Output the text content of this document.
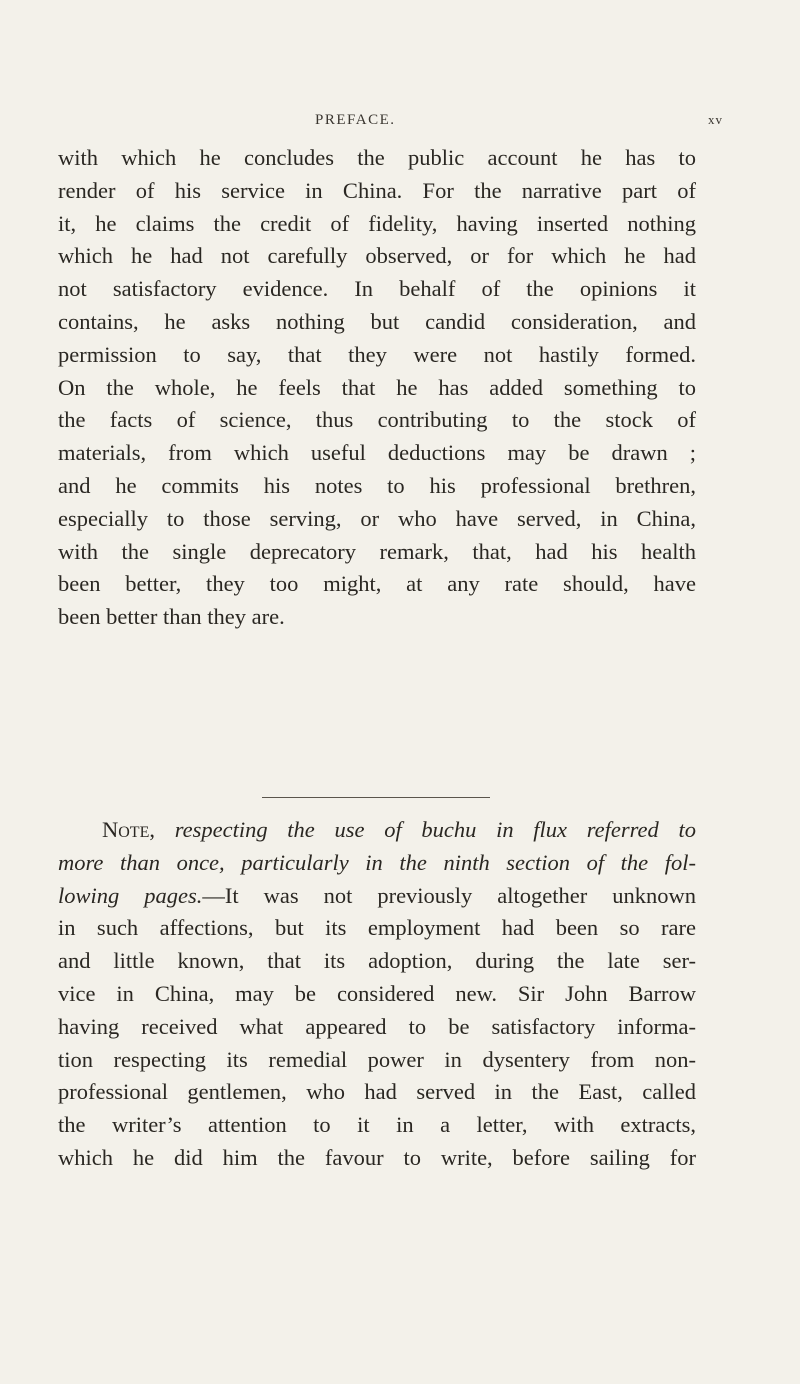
PREFACE.	xv
with which he concludes the public account he has to
render of his service in China. For the narrative part of
it, he claims the credit of fidelity, having inserted nothing
which he had not carefully observed, or for which he had
not satisfactory evidence. In behalf of the opinions it
contains, he asks nothing but candid consideration, and
permission to say, that they were not hastily formed.
On the whole, he feels that he has added something to
the facts of science, thus contributing to the stock of
materials, from which useful deductions may be drawn ;
and he commits his notes to his professional brethren,
especially to those serving, or who have served, in China,
with the single deprecatory remark, that, had his health
been better, they too might, at any rate should, have
been better than they are.
Note, respecting the use of buchu in flux referred to
more than once, particularly in the ninth section of the fol-
lowing pages.—It was not previously altogether unknown
in such affections, but its employment had been so rare
and little known, that its adoption, during the late ser-
vice in China, may be considered new. Sir John Barrow
having received what appeared to be satisfactory informa-
tion respecting its remedial power in dysentery from non-
professional gentlemen, who had served in the East, called
the writer’s attention to it in a letter, with extracts,
which he did him the favour to write, before sailing for
